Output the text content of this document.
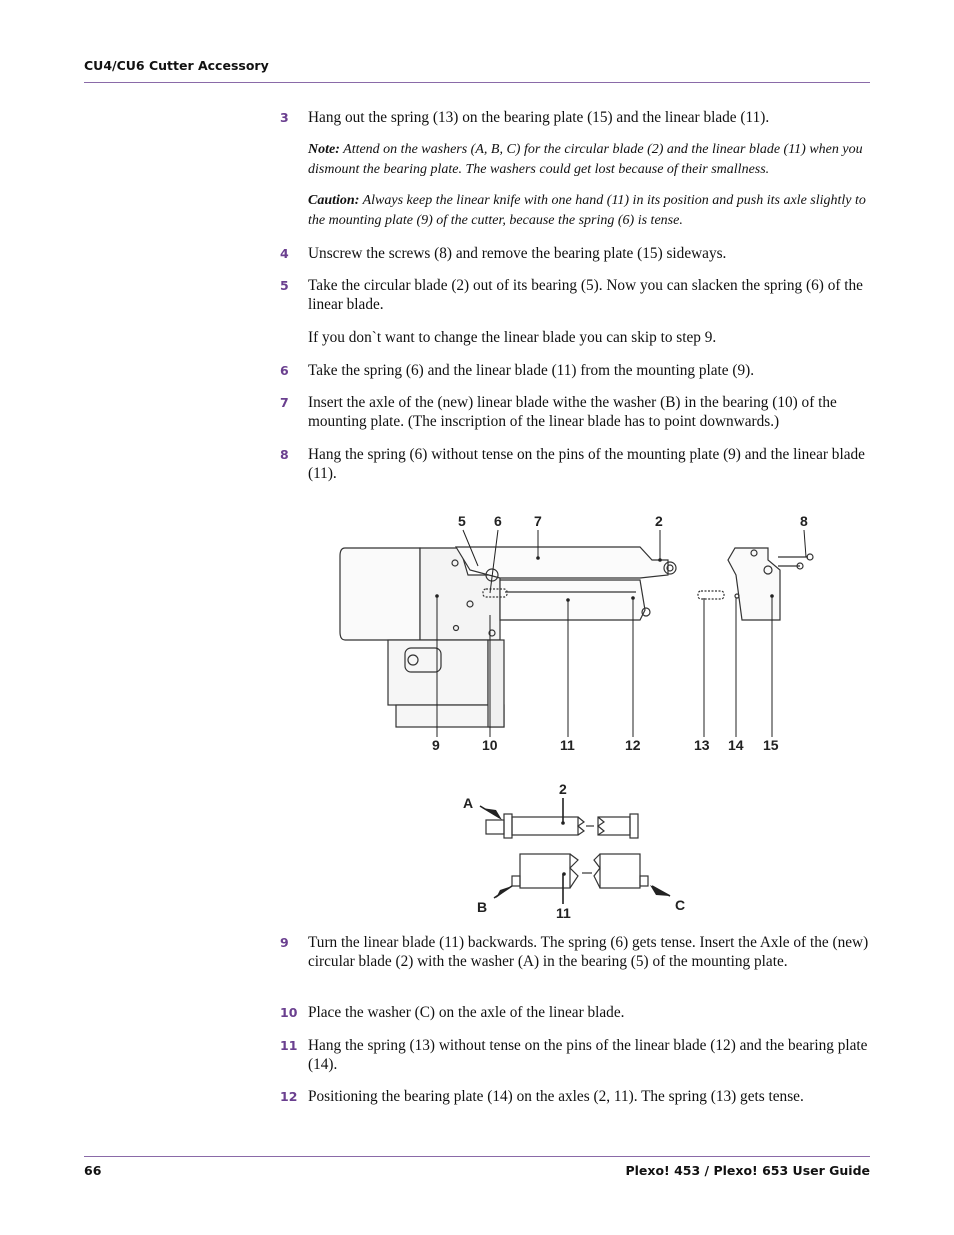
CU4/CU6 Cutter Accessory
3 Hang out the spring (13) on the bearing plate (15) and the linear blade (11).
Note: Attend on the washers (A, B, C) for the circular blade (2) and the linear blade (11) when you dismount the bearing plate. The washers could get lost because of their smallness.
Caution: Always keep the linear knife with one hand (11) in its position and push its axle slightly to the mounting plate (9) of the cutter, because the spring (6) is tense.
4 Unscrew the screws (8) and remove the bearing plate (15) sideways.
5 Take the circular blade (2) out of its bearing (5). Now you can slacken the spring (6) of the linear blade.
If you don`t want to change the linear blade you can skip to step 9.
6 Take the spring (6) and the linear blade (11) from the mounting plate (9).
7 Insert the axle of the (new) linear blade withe the washer (B) in the bearing (10) of the mounting plate. (The inscription of the linear blade has to point downwards.)
8 Hang the spring (6) without tense on the pins of the mounting plate (9) and the linear blade (11).
5 6 7	2	8
9	10	11	12	13 14 15
A
2
B	11	C
9 Turn the linear blade (11) backwards. The spring (6) gets tense. Insert the Axle of the (new) circular blade (2) with the washer (A) in the bearing (5) of the mounting plate.
10 Place the washer (C) on the axle of the linear blade.
11 Hang the spring (13) without tense on the pins of the linear blade (12) and the bearing plate (14).
12 Positioning the bearing plate (14) on the axles (2, 11). The spring (13) gets tense.
66	Plexo! 453 / Plexo! 653 User Guide
